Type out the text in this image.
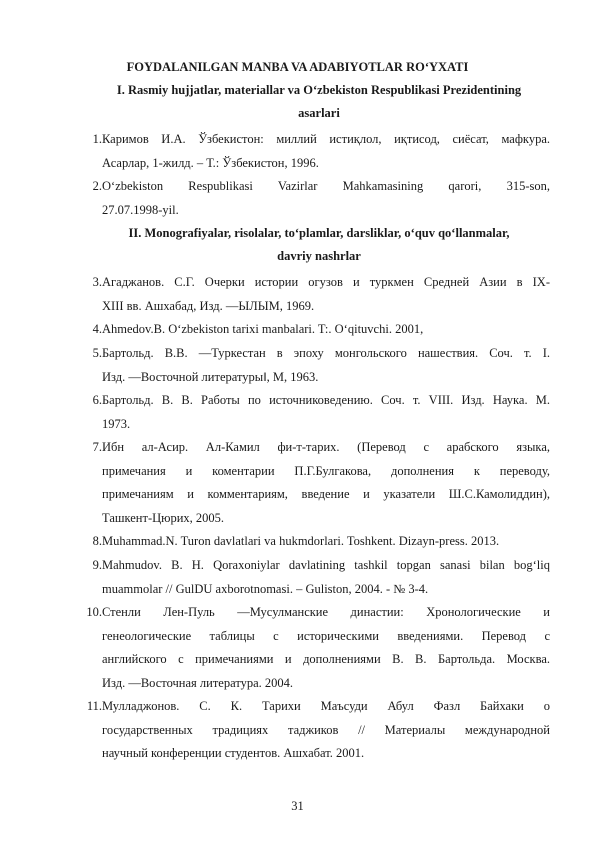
FOYDALANILGAN MANBA VA ADABIYOTLAR RO‘YXATI
I. Rasmiy hujjatlar, materiallar va O‘zbekiston Respublikasi Prezidentining
asarlari
1. Каримов И.А. Ўзбекистон: миллий истиқлол, иқтисод, сиёсат, мафкура.
Асарлар, 1-жилд. – Т.: Ўзбекистон, 1996.
2. O‘zbekiston Respublikasi Vazirlar Mahkamasining qarori, 315-son,
27.07.1998-yil.
II. Monografiyalar, risolalar, to‘plamlar, darsliklar, o‘quv qo‘llanmalar,
davriy nashrlar
3. Агаджанов. С.Г. Очерки истории огузов и туркмен Средней Азии в IX-
XIII вв. Ашхабад, Изд. ―ЫЛЫМ, 1969.
4. Ahmedov.B. O‘zbekiston tarixi manbalari. T:. O‘qituvchi. 2001,
5. Бартольд. В.В. ―Туркестан в эпоху монгольского нашествия. Соч. т. I.
Изд. ―Восточной литературы‖, М, 1963.
6. Бартольд. В. В. Работы по источниковедению. Соч. т. VIII. Изд. Наука. М.
1973.
7. Ибн ал-Асир. Ал-Камил фи-т-тарих. (Перевод с арабского языка,
примечания и коментарии П.Г.Булгакова, дополнения к переводу,
примечаниям и комментариям, введение и указатели Ш.С.Камолиддин),
Ташкент-Цюрих, 2005.
8. Muhammad.N. Turon davlatlari va hukmdorlari. Toshkent. Dizayn-press. 2013.
9. Mahmudov. B. H. Qoraxoniylar davlatining tashkil topgan sanasi bilan bog‘liq
muammolar // GulDU axborotnomasi. – Guliston, 2004. - № 3-4.
10. Стенли Лен-Пуль ―Мусулманские династии: Хронологические и
генеологические таблицы с историческими введениями. Перевод с
английского с примечаниями и дополнениями В. В. Бартольда. Москва.
Изд. ―Восточная литература. 2004.
11. Мулладжонов. С. К. Тарихи Маъсуди Абул Фазл Байхаки о
государственных традициях таджиков // Материалы международной
научный конференции студентов. Ашхабат. 2001.
31
